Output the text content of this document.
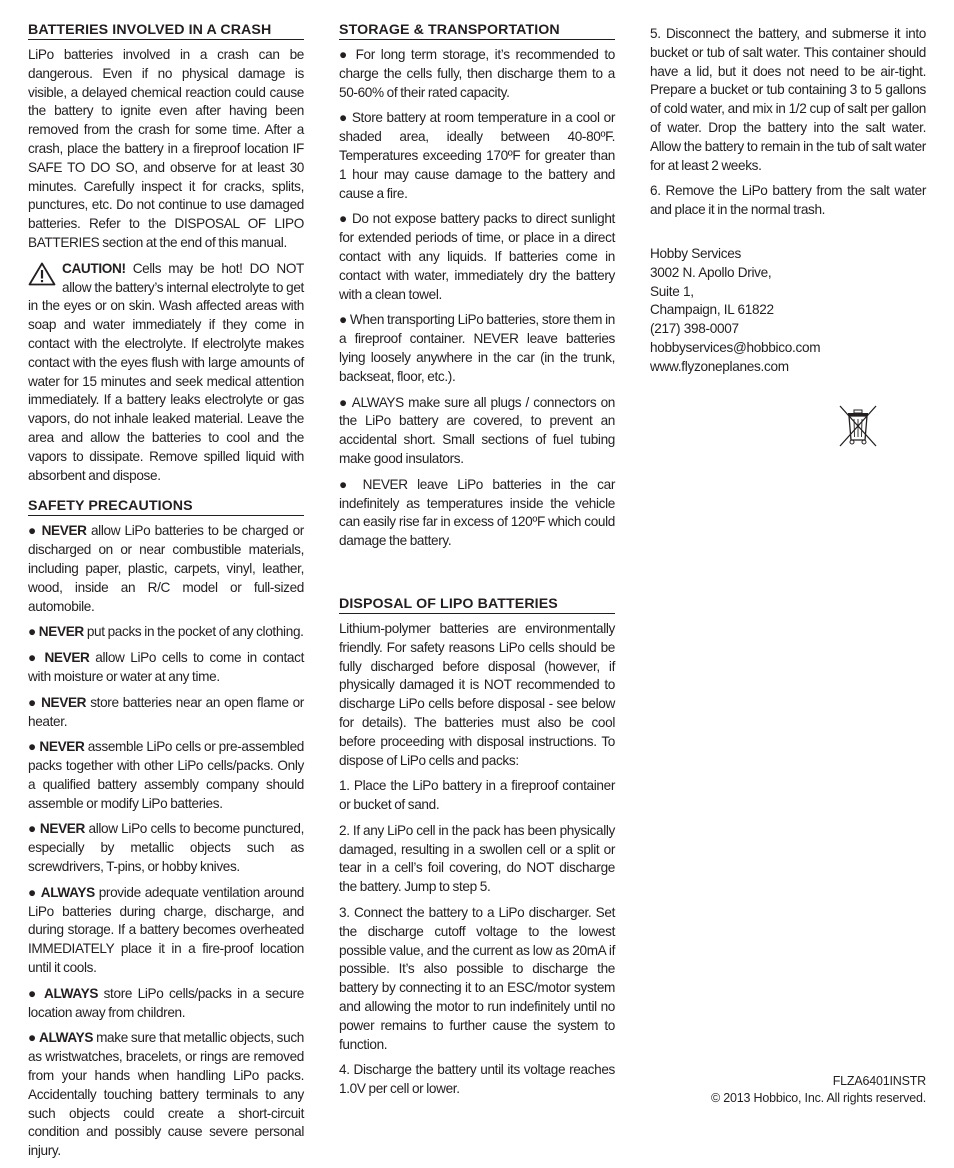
BATTERIES INVOLVED IN A CRASH

LiPo batteries involved in a crash can be dangerous. Even if no physical damage is visible, a delayed chemical reaction could cause the battery to ignite even after having been removed from the crash for some time. After a crash, place the battery in a fireproof location IF SAFE TO DO SO, and observe for at least 30 minutes. Carefully inspect it for cracks, splits, punctures, etc. Do not continue to use damaged batteries. Refer to the DISPOSAL OF LIPO BATTERIES section at the end of this manual.

CAUTION! Cells may be hot! DO NOT allow the battery’s internal electrolyte to get in the eyes or on skin. Wash affected areas with soap and water immediately if they come in contact with the electrolyte. If electrolyte makes contact with the eyes flush with large amounts of water for 15 minutes and seek medical attention immediately. If a battery leaks electrolyte or gas vapors, do not inhale leaked material. Leave the area and allow the batteries to cool and the vapors to dissipate. Remove spilled liquid with absorbent and dispose.

SAFETY PRECAUTIONS

● NEVER allow LiPo batteries to be charged or discharged on or near combustible materials, including paper, plastic, carpets, vinyl, leather, wood, inside an R/C model or full-sized automobile.

● NEVER put packs in the pocket of any clothing.

● NEVER allow LiPo cells to come in contact with moisture or water at any time.

● NEVER store batteries near an open flame or heater.

● NEVER assemble LiPo cells or pre-assembled packs together with other LiPo cells/packs. Only a qualified battery assembly company should assemble or modify LiPo batteries.

● NEVER allow LiPo cells to become punctured, especially by metallic objects such as screwdrivers, T-pins, or hobby knives.

● ALWAYS provide adequate ventilation around LiPo batteries during charge, discharge, and during storage. If a battery becomes overheated IMMEDIATELY place it in a fire-proof location until it cools.

● ALWAYS store LiPo cells/packs in a secure location away from children.

● ALWAYS make sure that metallic objects, such as wristwatches, bracelets, or rings are removed from your hands when handling LiPo packs. Accidentally touching battery terminals to any such objects could create a short-circuit condition and possibly cause severe personal injury.

STORAGE & TRANSPORTATION

● For long term storage, it’s recommended to charge the cells fully, then discharge them to a 50-60% of their rated capacity.

● Store battery at room temperature in a cool or shaded area, ideally between 40-80ºF. Temperatures exceeding 170ºF for greater than 1 hour may cause damage to the battery and cause a fire.

● Do not expose battery packs to direct sunlight for extended periods of time, or place in a direct contact with any liquids. If batteries come in contact with water, immediately dry the battery with a clean towel.

● When transporting LiPo batteries, store them in a fireproof container. NEVER leave batteries lying loosely anywhere in the car (in the trunk, backseat, floor, etc.).

● ALWAYS make sure all plugs / connectors on the LiPo battery are covered, to prevent an accidental short. Small sections of fuel tubing make good insulators.

● NEVER leave LiPo batteries in the car indefinitely as temperatures inside the vehicle can easily rise far in excess of 120ºF which could damage the battery.

DISPOSAL OF LIPO BATTERIES

Lithium-polymer batteries are environmentally friendly. For safety reasons LiPo cells should be fully discharged before disposal (however, if physically damaged it is NOT recommended to discharge LiPo cells before disposal - see below for details). The batteries must also be cool before proceeding with disposal instructions. To dispose of LiPo cells and packs:

1. Place the LiPo battery in a fireproof container or bucket of sand.

2. If any LiPo cell in the pack has been physically damaged, resulting in a swollen cell or a split or tear in a cell’s foil covering, do NOT discharge the battery. Jump to step 5.

3. Connect the battery to a LiPo discharger. Set the discharge cutoff voltage to the lowest possible value, and the current as low as 20mA if possible. It’s also possible to discharge the battery by connecting it to an ESC/motor system and allowing the motor to run indefinitely until no power remains to further cause the system to function.

4. Discharge the battery until its voltage reaches 1.0V per cell or lower.

5. Disconnect the battery, and submerse it into bucket or tub of salt water. This container should have a lid, but it does not need to be air-tight. Prepare a bucket or tub containing 3 to 5 gallons of cold water, and mix in 1/2 cup of salt per gallon of water. Drop the battery into the salt water. Allow the battery to remain in the tub of salt water for at least 2 weeks.

6. Remove the LiPo battery from the salt water and place it in the normal trash.

Hobby Services
3002 N. Apollo Drive,
Suite 1,
Champaign, IL 61822
(217) 398-0007
hobbyservices@hobbico.com
www.flyzoneplanes.com
FLZA6401INSTR
© 2013 Hobbico, Inc. All rights reserved.
